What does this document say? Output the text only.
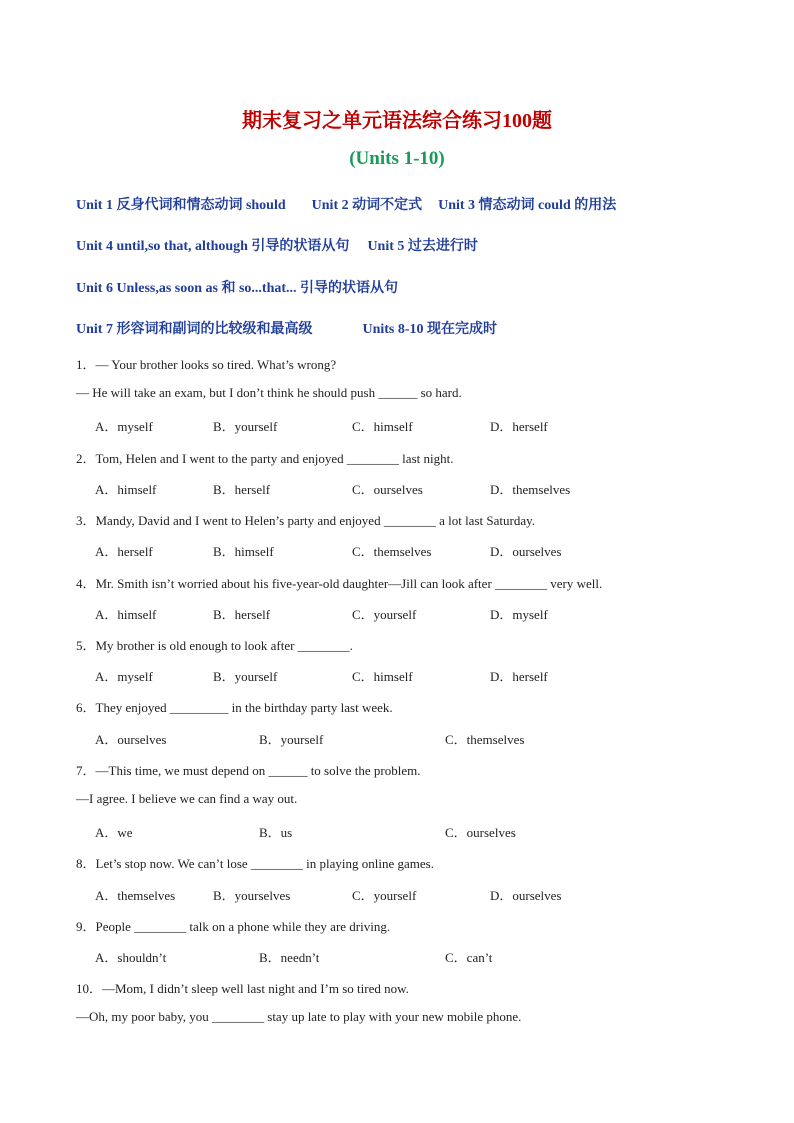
期末复习之单元语法综合练习100题
(Units 1-10)
Unit 1 反身代词和情态动词 should Unit 2 动词不定式 Unit 3 情态动词 could 的用法
Unit 4 until,so that, although 引导的状语从句 Unit 5 过去进行时
Unit 6 Unless,as soon as 和 so...that... 引导的状语从句
Unit 7 形容词和副词的比较级和最高级	Units 8-10 现在完成时
1．— Your brother looks so tired. What’s wrong?
— He will take an exam, but I don’t think he should push ______ so hard.
A．myself	B．yourself	C．himself	D．herself
2．Tom, Helen and I went to the party and enjoyed ________ last night.
A．himself	B．herself	C．ourselves	D．themselves
3．Mandy, David and I went to Helen’s party and enjoyed ________ a lot last Saturday.
A．herself	B．himself	C．themselves	D．ourselves
4．Mr. Smith isn’t worried about his five-year-old daughter—Jill can look after ________ very well.
A．himself	B．herself	C．yourself	D．myself
5．My brother is old enough to look after ________.
A．myself	B．yourself	C．himself	D．herself
6．They enjoyed _________ in the birthday party last week.
A．ourselves	B．yourself	C．themselves
7．—This time, we must depend on ______ to solve the problem.
—I agree. I believe we can find a way out.
A．we	B．us	C．ourselves
8．Let’s stop now. We can’t lose ________ in playing online games.
A．themselves	B．yourselves	C．yourself	D．ourselves
9．People ________ talk on a phone while they are driving.
A．shouldn’t	B．needn’t	C．can’t
10．—Mom, I didn’t sleep well last night and I’m so tired now.
—Oh, my poor baby, you ________ stay up late to play with your new mobile phone.
